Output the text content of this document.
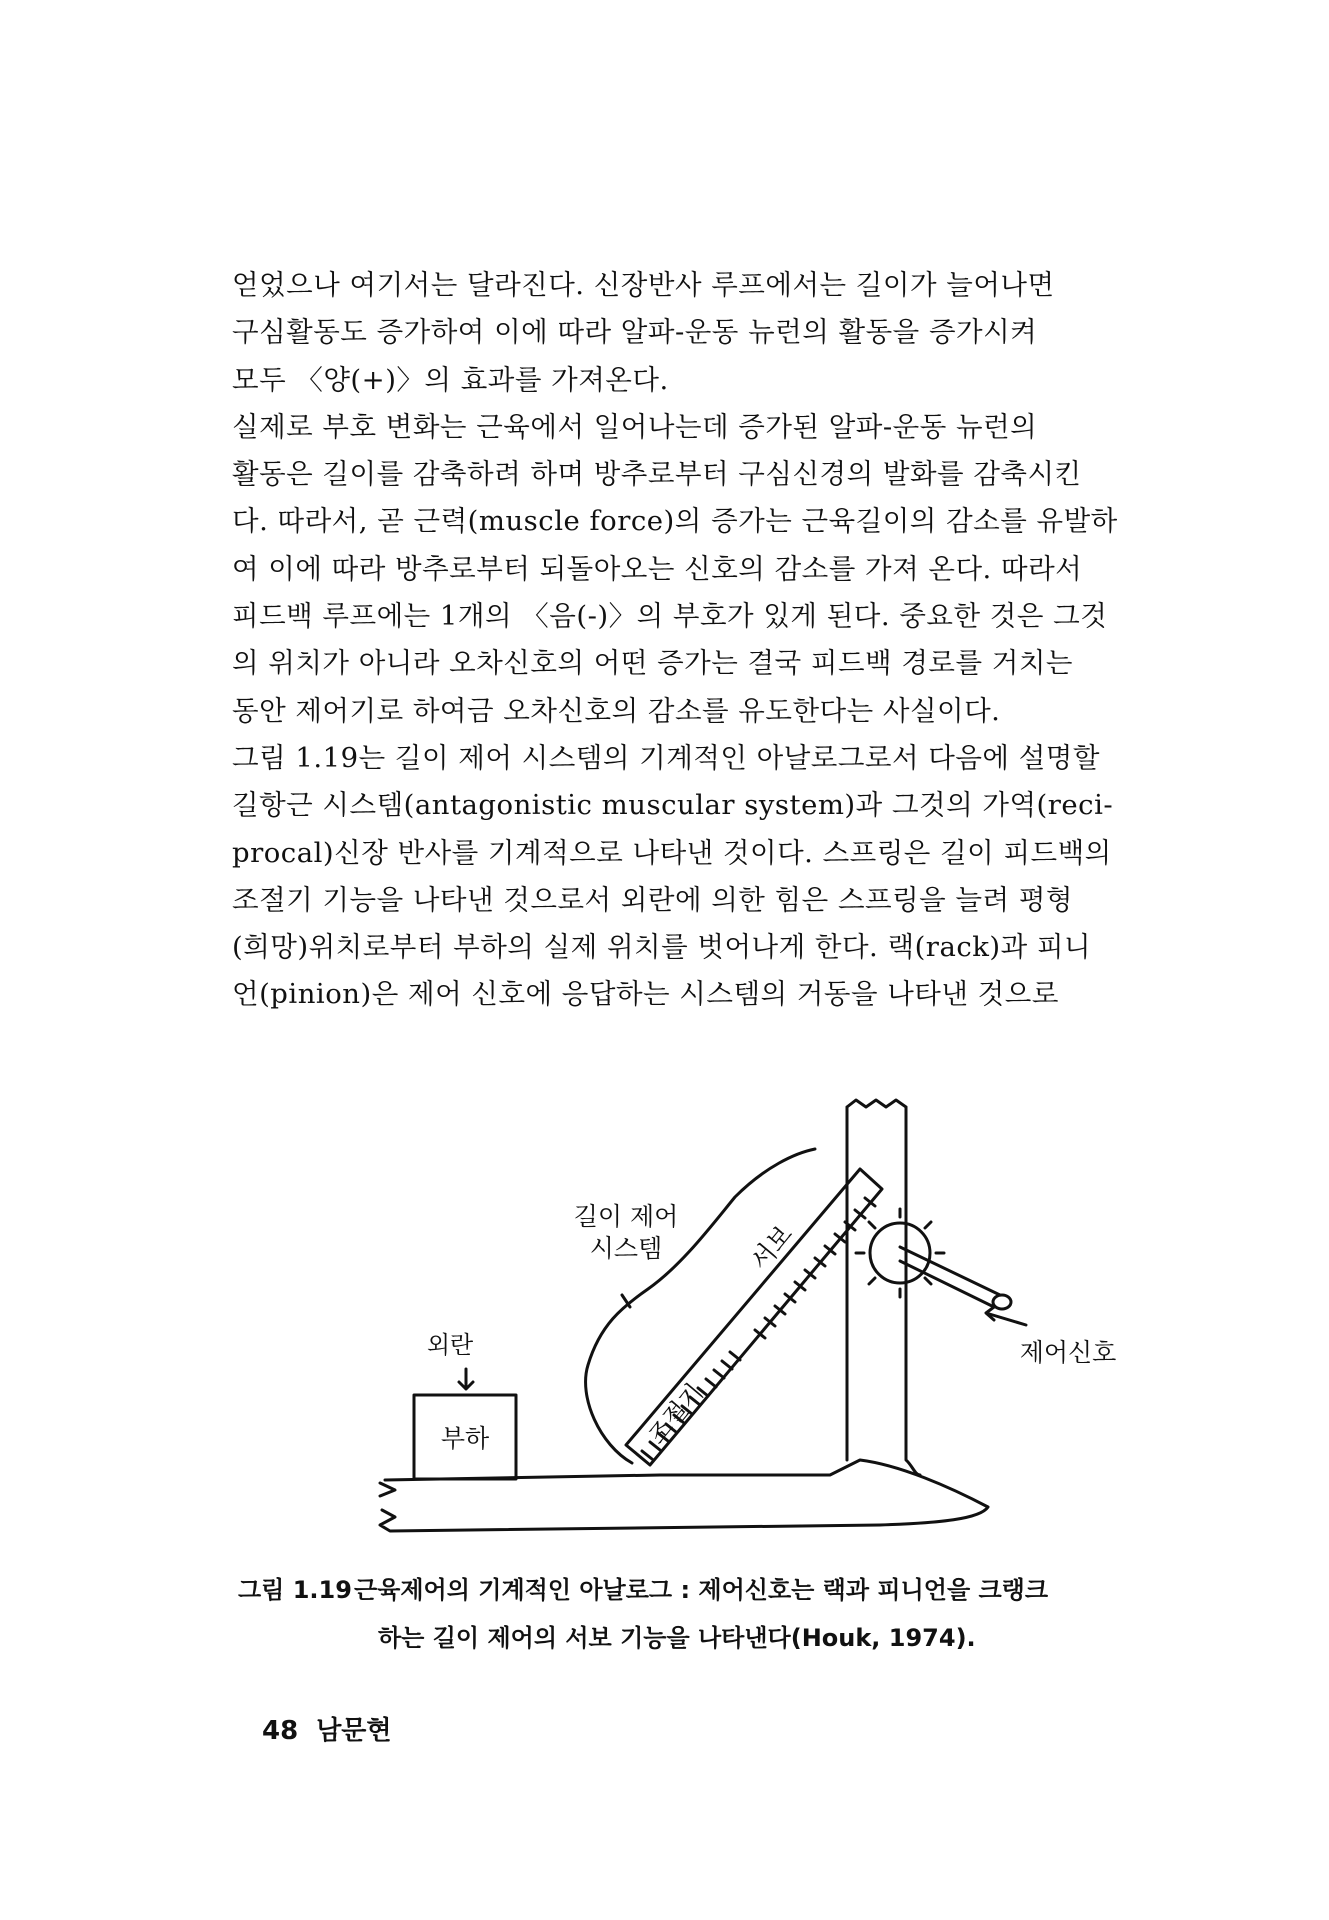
얻었으나 여기서는 달라진다. 신장반사 루프에서는 길이가 늘어나면
구심활동도 증가하여 이에 따라 알파-운동 뉴런의 활동을 증가시켜
모두 〈양(+)〉의 효과를 가져온다.
실제로 부호 변화는 근육에서 일어나는데 증가된 알파-운동 뉴런의
활동은 길이를 감축하려 하며 방추로부터 구심신경의 발화를 감축시킨
다. 따라서, 곧 근력(muscle force)의 증가는 근육길이의 감소를 유발하
여 이에 따라 방추로부터 되돌아오는 신호의 감소를 가져 온다. 따라서
피드백 루프에는 1개의 〈음(-)〉의 부호가 있게 된다. 중요한 것은 그것
의 위치가 아니라 오차신호의 어떤 증가는 결국 피드백 경로를 거치는
동안 제어기로 하여금 오차신호의 감소를 유도한다는 사실이다.
그림 1.19는 길이 제어 시스템의 기계적인 아날로그로서 다음에 설명할
길항근 시스템(antagonistic muscular system)과 그것의 가역(reci-
procal)신장 반사를 기계적으로 나타낸 것이다. 스프링은 길이 피드백의
조절기 기능을 나타낸 것으로서 외란에 의한 힘은 스프링을 늘려 평형
(희망)위치로부터 부하의 실제 위치를 벗어나게 한다. 랙(rack)과 피니
언(pinion)은 제어 신호에 응답하는 시스템의 거동을 나타낸 것으로
길이 제어
시스템
외란
부하
서보
조절기
제어신호
그림 1.19근육제어의 기계적인 아날로그 : 제어신호는 랙과 피니언을 크랭크
하는 길이 제어의 서보 기능을 나타낸다(Houk, 1974).
48 남문현
